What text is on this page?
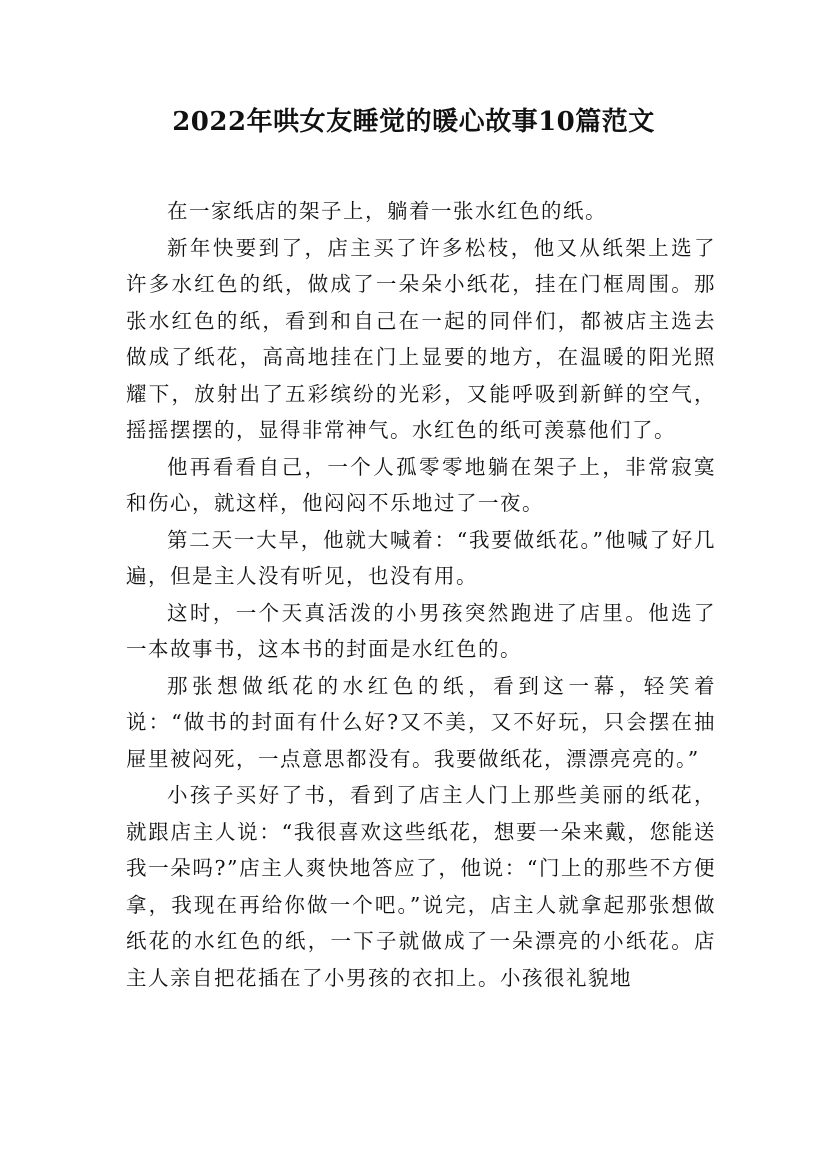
2022年哄女友睡觉的暖心故事10篇范文

在一家纸店的架子上，躺着一张水红色的纸。

新年快要到了，店主买了许多松枝，他又从纸架上选了许多水红色的纸，做成了一朵朵小纸花，挂在门框周围。那张水红色的纸，看到和自己在一起的同伴们，都被店主选去做成了纸花，高高地挂在门上显要的地方，在温暖的阳光照耀下，放射出了五彩缤纷的光彩，又能呼吸到新鲜的空气，摇摇摆摆的，显得非常神气。水红色的纸可羡慕他们了。

他再看看自己，一个人孤零零地躺在架子上，非常寂寞和伤心，就这样，他闷闷不乐地过了一夜。

第二天一大早，他就大喊着：“我要做纸花。”他喊了好几遍，但是主人没有听见，也没有用。

这时，一个天真活泼的小男孩突然跑进了店里。他选了一本故事书，这本书的封面是水红色的。

那张想做纸花的水红色的纸，看到这一幕，轻笑着说：“做书的封面有什么好?又不美，又不好玩，只会摆在抽屉里被闷死，一点意思都没有。我要做纸花，漂漂亮亮的。”

小孩子买好了书，看到了店主人门上那些美丽的纸花，就跟店主人说：“我很喜欢这些纸花，想要一朵来戴，您能送我一朵吗?”店主人爽快地答应了，他说：“门上的那些不方便拿，我现在再给你做一个吧。”说完，店主人就拿起那张想做纸花的水红色的纸，一下子就做成了一朵漂亮的小纸花。店主人亲自把花插在了小男孩的衣扣上。小孩很礼貌地
